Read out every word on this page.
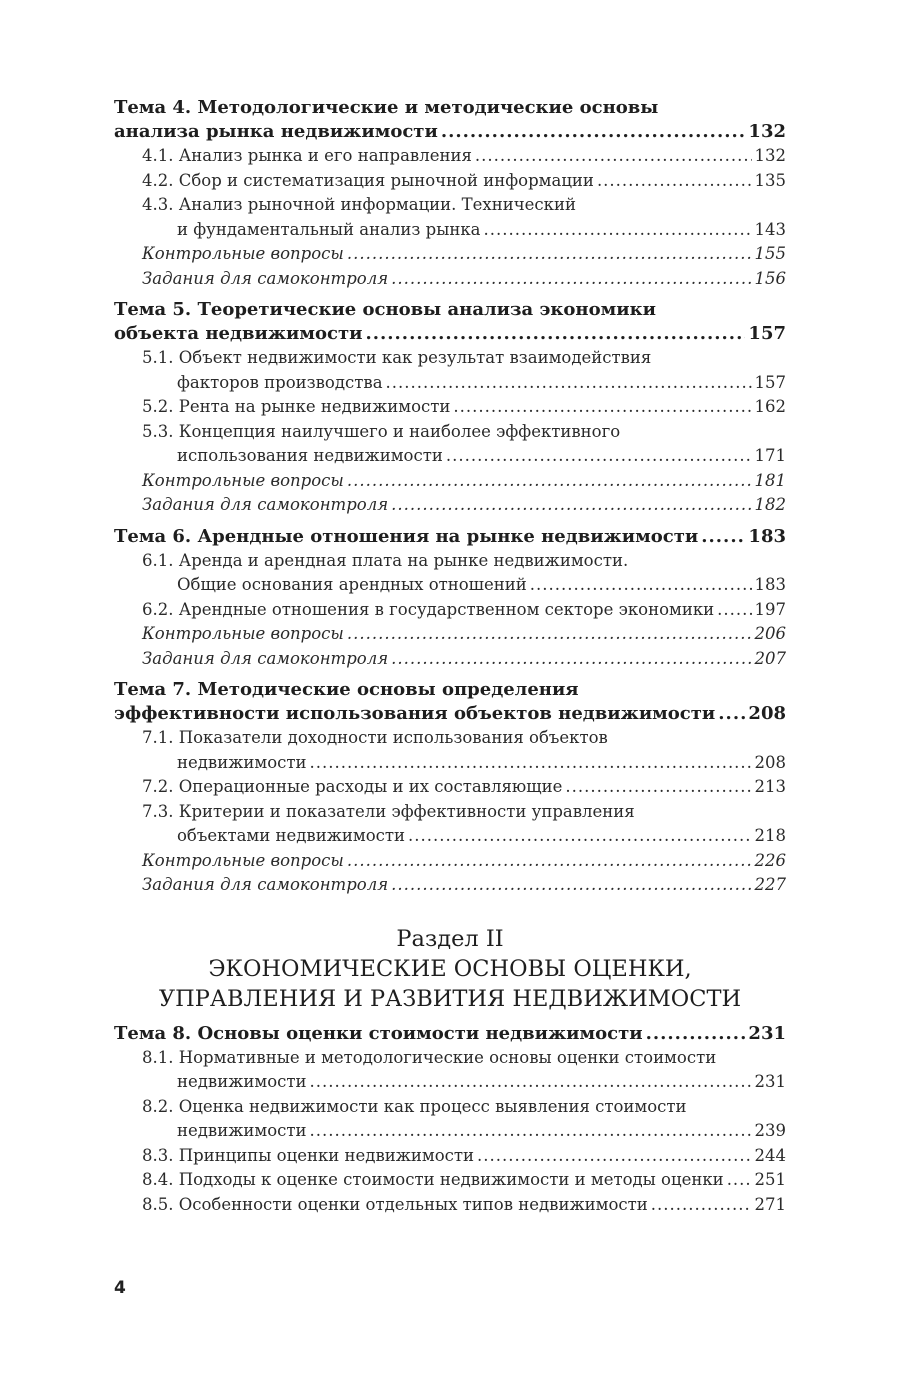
Тема 4. Методологические и методические основы
анализа рынка недвижимости .....	132
4.1. Анализ рынка и его направления .....	132
4.2. Сбор и систематизация рыночной информации .....	135
4.3. Анализ рыночной информации. Технический
и фундаментальный анализ рынка .....	143
Контрольные вопросы .....	155
Задания для самоконтроля .....	156
Тема 5. Теоретические основы анализа экономики
объекта недвижимости .....	157
5.1. Объект недвижимости как результат взаимодействия
факторов производства .....	157
5.2. Рента на рынке недвижимости .....	162
5.3. Концепция наилучшего и наиболее эффективного
использования недвижимости .....	171
Контрольные вопросы .....	181
Задания для самоконтроля .....	182
Тема 6. Арендные отношения на рынке недвижимости .....	183
6.1. Аренда и арендная плата на рынке недвижимости.
Общие основания арендных отношений .....	183
6.2. Арендные отношения в государственном секторе экономики ..... 197
Контрольные вопросы .....	206
Задания для самоконтроля .....	207
Тема 7. Методические основы определения
эффективности использования объектов недвижимости ..... 208
7.1. Показатели доходности использования объектов
недвижимости .....	208
7.2. Операционные расходы и их составляющие .....	213
7.3. Критерии и показатели эффективности управления
объектами недвижимости .....	218
Контрольные вопросы .....	226
Задания для самоконтроля .....	227
Раздел II
ЭКОНОМИЧЕСКИЕ ОСНОВЫ ОЦЕНКИ,
УПРАВЛЕНИЯ И РАЗВИТИЯ НЕДВИЖИМОСТИ
Тема 8. Основы оценки стоимости недвижимости .....	231
8.1. Нормативные и методологические основы оценки стоимости
недвижимости .....	231
8.2. Оценка недвижимости как процесс выявления стоимости
недвижимости .....	239
8.3. Принципы оценки недвижимости .....	244
8.4. Подходы к оценке стоимости недвижимости и методы оценки ..... 251
8.5. Особенности оценки отдельных типов недвижимости .....	271
4
